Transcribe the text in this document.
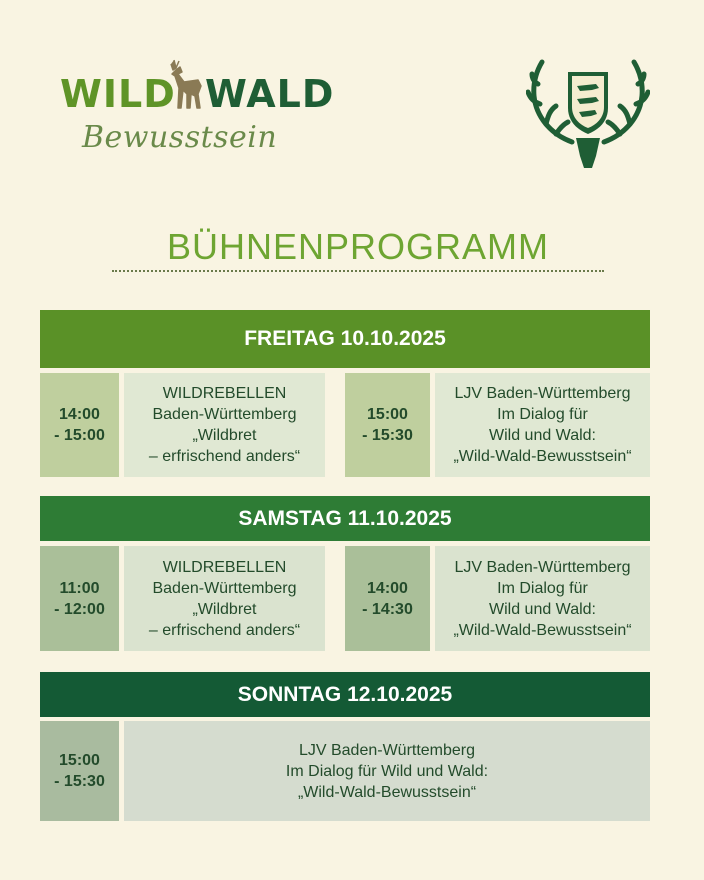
WILD WALD
Bewusstsein
BÜHNENPROGRAMM
FREITAG 10.10.2025
14:00
- 15:00
WILDREBELLEN
Baden-Württemberg
„Wildbret
– erfrischend anders“
15:00
- 15:30
LJV Baden-Württemberg
Im Dialog für
Wild und Wald:
„Wild-Wald-Bewusstsein“
SAMSTAG 11.10.2025
11:00
- 12:00
WILDREBELLEN
Baden-Württemberg
„Wildbret
– erfrischend anders“
14:00
- 14:30
LJV Baden-Württemberg
Im Dialog für
Wild und Wald:
„Wild-Wald-Bewusstsein“
SONNTAG 12.10.2025
15:00
- 15:30
LJV Baden-Württemberg
Im Dialog für Wild und Wald:
„Wild-Wald-Bewusstsein“
